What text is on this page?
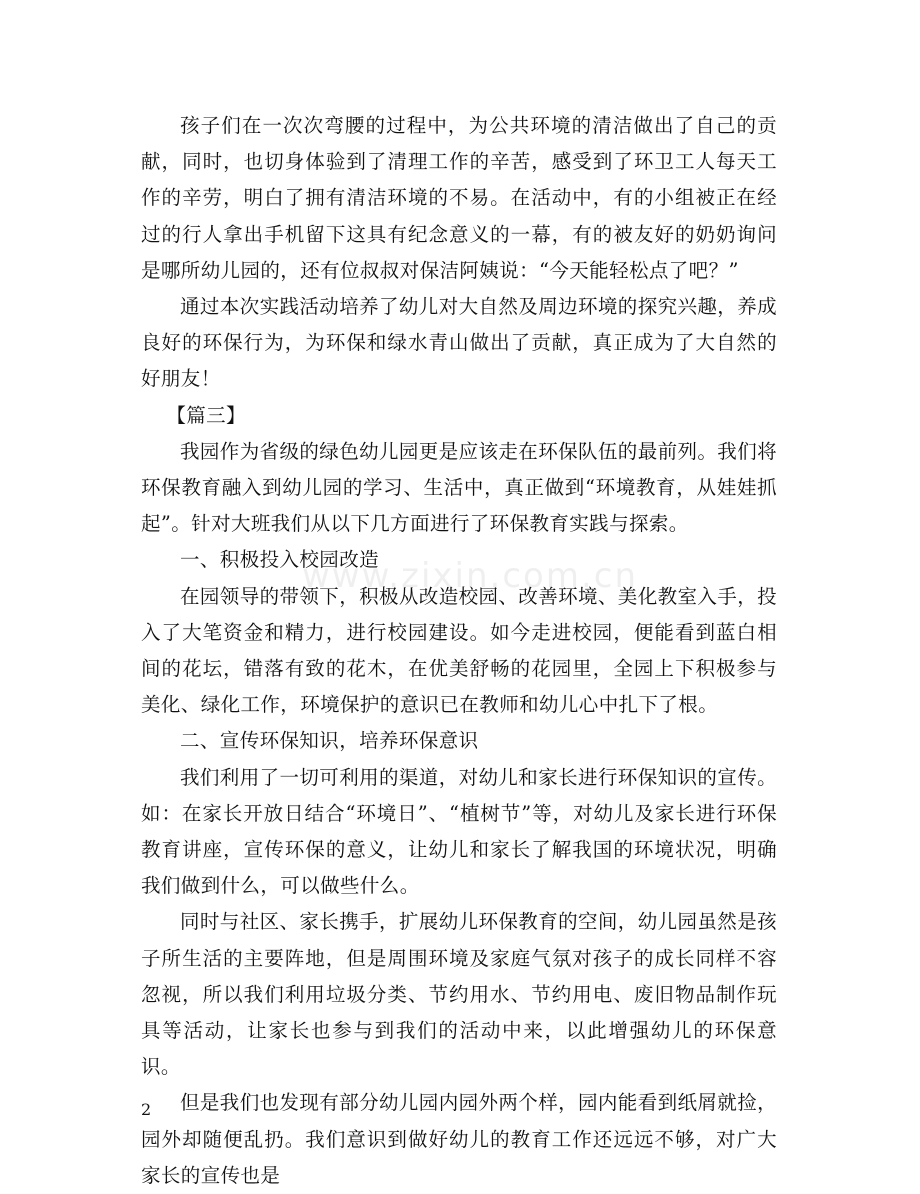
www.zixin.com.cn

孩子们在一次次弯腰的过程中，为公共环境的清洁做出了自己的贡献，同时，也切身体验到了清理工作的辛苦，感受到了环卫工人每天工作的辛劳，明白了拥有清洁环境的不易。在活动中，有的小组被正在经过的行人拿出手机留下这具有纪念意义的一幕，有的被友好的奶奶询问是哪所幼儿园的，还有位叔叔对保洁阿姨说：“今天能轻松点了吧？”

通过本次实践活动培养了幼儿对大自然及周边环境的探究兴趣，养成良好的环保行为，为环保和绿水青山做出了贡献，真正成为了大自然的好朋友！

【篇三】

我园作为省级的绿色幼儿园更是应该走在环保队伍的最前列。我们将环保教育融入到幼儿园的学习、生活中，真正做到“环境教育，从娃娃抓起”。针对大班我们从以下几方面进行了环保教育实践与探索。

一、积极投入校园改造

在园领导的带领下，积极从改造校园、改善环境、美化教室入手，投入了大笔资金和精力，进行校园建设。如今走进校园，便能看到蓝白相间的花坛，错落有致的花木，在优美舒畅的花园里，全园上下积极参与美化、绿化工作，环境保护的意识已在教师和幼儿心中扎下了根。

二、宣传环保知识，培养环保意识

我们利用了一切可利用的渠道，对幼儿和家长进行环保知识的宣传。如：在家长开放日结合“环境日”、“植树节”等，对幼儿及家长进行环保教育讲座，宣传环保的意义，让幼儿和家长了解我国的环境状况，明确我们做到什么，可以做些什么。

同时与社区、家长携手，扩展幼儿环保教育的空间，幼儿园虽然是孩子所生活的主要阵地，但是周围环境及家庭气氛对孩子的成长同样不容忽视，所以我们利用垃圾分类、节约用水、节约用电、废旧物品制作玩具等活动，让家长也参与到我们的活动中来，以此增强幼儿的环保意识。

但是我们也发现有部分幼儿园内园外两个样，园内能看到纸屑就捡，园外却随便乱扔。我们意识到做好幼儿的教育工作还远远不够，对广大家长的宣传也是

2
